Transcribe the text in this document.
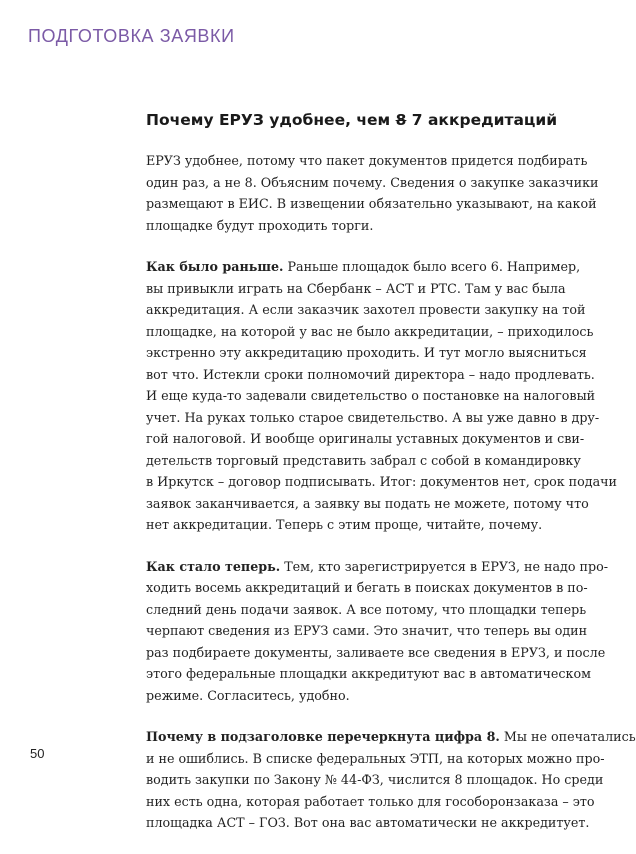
ПОДГОТОВКА ЗАЯВКИ
Почему ЕРУЗ удобнее, чем 8 7 аккредитаций
ЕРУЗ удобнее, потому что пакет документов придется подбирать
один раз, а не 8. Объясним почему. Сведения о закупке заказчики
размещают в ЕИС. В извещении обязательно указывают, на какой
площадке будут проходить торги.
Как было раньше. Раньше площадок было всего 6. Например,
вы привыкли играть на Сбербанк – АСТ и РТС. Там у вас была
аккредитация. А если заказчик захотел провести закупку на той
площадке, на которой у вас не было аккредитации, – приходилось
экстренно эту аккредитацию проходить. И тут могло выясниться
вот что. Истекли сроки полномочий директора – надо продлевать.
И еще куда-то задевали свидетельство о постановке на налоговый
учет. На руках только старое свидетельство. А вы уже давно в дру-
гой налоговой. И вообще оригиналы уставных документов и сви-
детельств торговый представить забрал с собой в командировку
в Иркутск – договор подписывать. Итог: документов нет, срок подачи
заявок заканчивается, а заявку вы подать не можете, потому что
нет аккредитации. Теперь с этим проще, читайте, почему.
Как стало теперь. Тем, кто зарегистрируется в ЕРУЗ, не надо про-
ходить восемь аккредитаций и бегать в поисках документов в по-
следний день подачи заявок. А все потому, что площадки теперь
черпают сведения из ЕРУЗ сами. Это значит, что теперь вы один
раз подбираете документы, заливаете все сведения в ЕРУЗ, и после
этого федеральные площадки аккредитуют вас в автоматическом
режиме. Согласитесь, удобно.
Почему в подзаголовке перечеркнута цифра 8. Мы не опечатались
и не ошиблись. В списке федеральных ЭТП, на которых можно про-
водить закупки по Закону № 44-ФЗ, числится 8 площадок. Но среди
них есть одна, которая работает только для гособоронзаказа – это
площадка АСТ – ГОЗ. Вот она вас автоматически не аккредитует.
50
